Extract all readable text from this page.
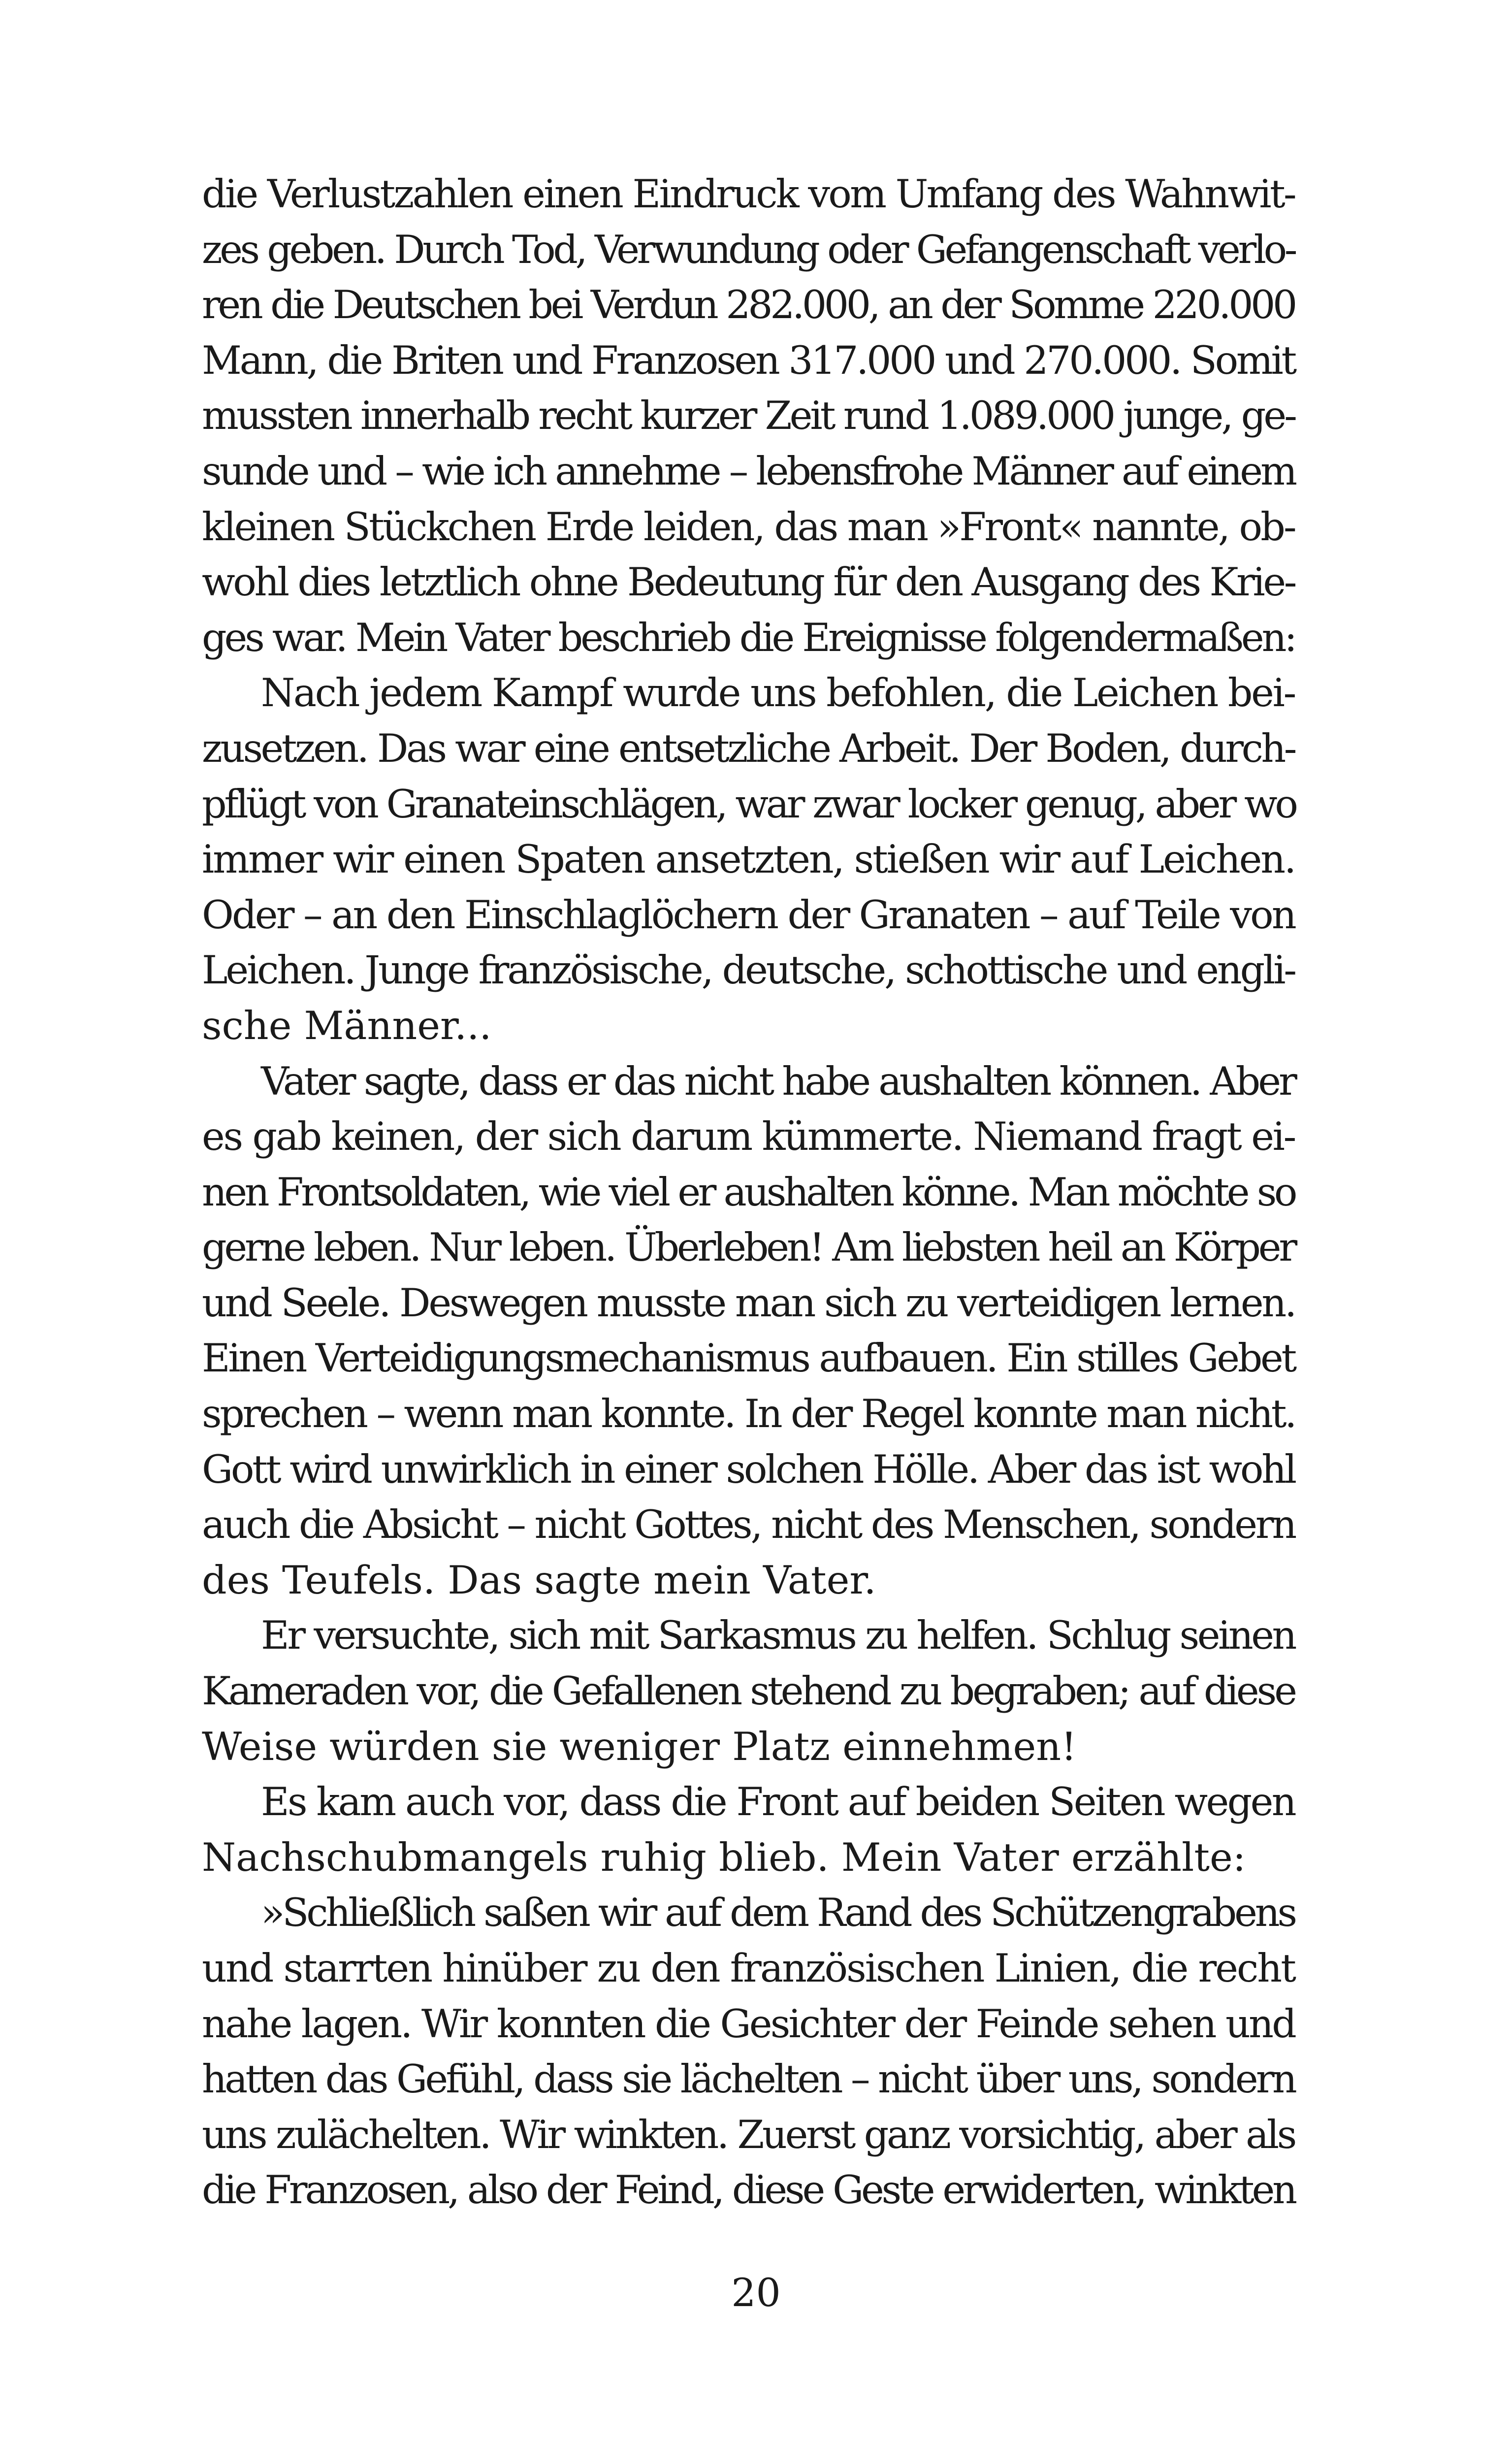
die Verlustzahlen einen Eindruck vom Umfang des Wahnwit-
zes geben. Durch Tod, Verwundung oder Gefangenschaft verlo-
ren die Deutschen bei Verdun 282.000, an der Somme 220.000
Mann, die Briten und Franzosen 317.000 und 270.000. Somit
mussten innerhalb recht kurzer Zeit rund 1.089.000 junge, ge-
sunde und – wie ich annehme – lebensfrohe Männer auf einem
kleinen Stückchen Erde leiden, das man »Front« nannte, ob-
wohl dies letztlich ohne Bedeutung für den Ausgang des Krie-
ges war. Mein Vater beschrieb die Ereignisse folgendermaßen:
Nach jedem Kampf wurde uns befohlen, die Leichen bei-
zusetzen. Das war eine entsetzliche Arbeit. Der Boden, durch-
pflügt von Granateinschlägen, war zwar locker genug, aber wo
immer wir einen Spaten ansetzten, stießen wir auf Leichen.
Oder – an den Einschlaglöchern der Granaten – auf Teile von
Leichen. Junge französische, deutsche, schottische und engli-
sche Männer...
Vater sagte, dass er das nicht habe aushalten können. Aber
es gab keinen, der sich darum kümmerte. Niemand fragt ei-
nen Frontsoldaten, wie viel er aushalten könne. Man möchte so
gerne leben. Nur leben. Überleben! Am liebsten heil an Körper
und Seele. Deswegen musste man sich zu verteidigen lernen.
Einen Verteidigungsmechanismus aufbauen. Ein stilles Gebet
sprechen – wenn man konnte. In der Regel konnte man nicht.
Gott wird unwirklich in einer solchen Hölle. Aber das ist wohl
auch die Absicht – nicht Gottes, nicht des Menschen, sondern
des Teufels. Das sagte mein Vater.
Er versuchte, sich mit Sarkasmus zu helfen. Schlug seinen
Kameraden vor, die Gefallenen stehend zu begraben; auf diese
Weise würden sie weniger Platz einnehmen!
Es kam auch vor, dass die Front auf beiden Seiten wegen
Nachschubmangels ruhig blieb. Mein Vater erzählte:
»Schließlich saßen wir auf dem Rand des Schützengrabens
und starrten hinüber zu den französischen Linien, die recht
nahe lagen. Wir konnten die Gesichter der Feinde sehen und
hatten das Gefühl, dass sie lächelten – nicht über uns, sondern
uns zulächelten. Wir winkten. Zuerst ganz vorsichtig, aber als
die Franzosen, also der Feind, diese Geste erwiderten, winkten
20
